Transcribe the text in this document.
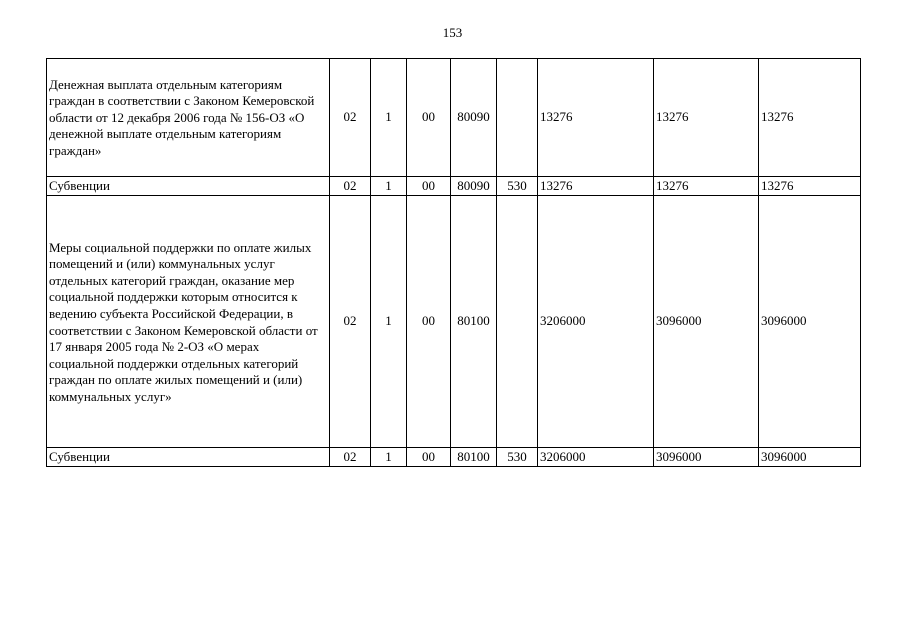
153
Денежная выплата отдельным категориям граждан в соответствии с Законом Кемеровской области от 12 декабря 2006 года № 156-ОЗ «О денежной выплате отдельным категориям граждан»	02	1	00	80090		13276	13276	13276
Субвенции	02	1	00	80090	530	13276	13276	13276
Меры социальной поддержки по оплате жилых помещений и (или) коммунальных услуг отдельных категорий граждан, оказание мер социальной поддержки которым относится к ведению субъекта Российской Федерации, в соответствии с Законом Кемеровской области от 17 января 2005 года № 2-ОЗ «О мерах социальной поддержки отдельных категорий граждан по оплате жилых помещений и (или) коммунальных услуг»	02	1	00	80100		3206000	3096000	3096000
Субвенции	02	1	00	80100	530	3206000	3096000	3096000
